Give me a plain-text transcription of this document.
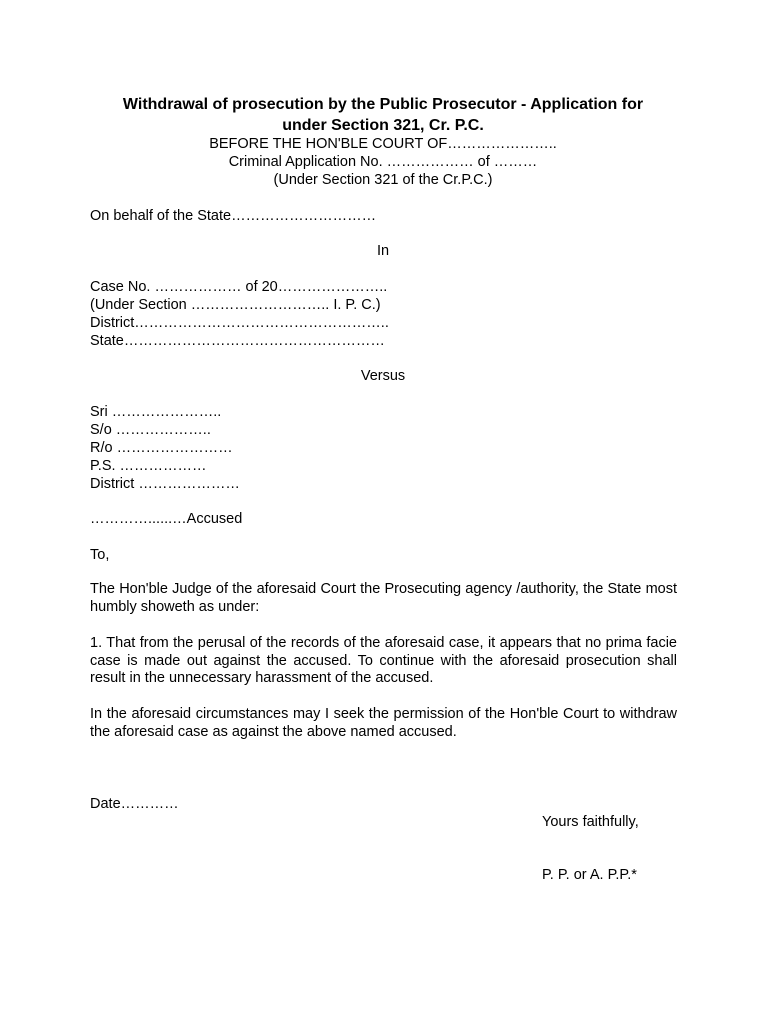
Withdrawal of prosecution by the Public Prosecutor - Application for
under Section 321, Cr. P.C.
BEFORE THE HON'BLE COURT OF…………………..
Criminal Application No. ……………… of ………
(Under Section 321 of the Cr.P.C.)
On behalf of the State…………………………
In
Case No. ……………… of 20…………………..
(Under Section ……………………….. I. P. C.)
District……………………………………………..
State………………………………………………
Versus
Sri …………………..
S/o ………………..
R/o ……………………
P.S. ………………
District …………………
…………......…Accused
To,
The Hon'ble Judge of the aforesaid Court the Prosecuting agency /authority, the State most humbly showeth as under:
1. That from the perusal of the records of the aforesaid case, it appears that no prima facie case is made out against the accused. To continue with the aforesaid prosecution shall result in the unnecessary harassment of the accused.
In the aforesaid circumstances may I seek the permission of the Hon'ble Court to withdraw the aforesaid case as against the above named accused.
Date…………
Yours faithfully,
P. P. or A. P.P.*
